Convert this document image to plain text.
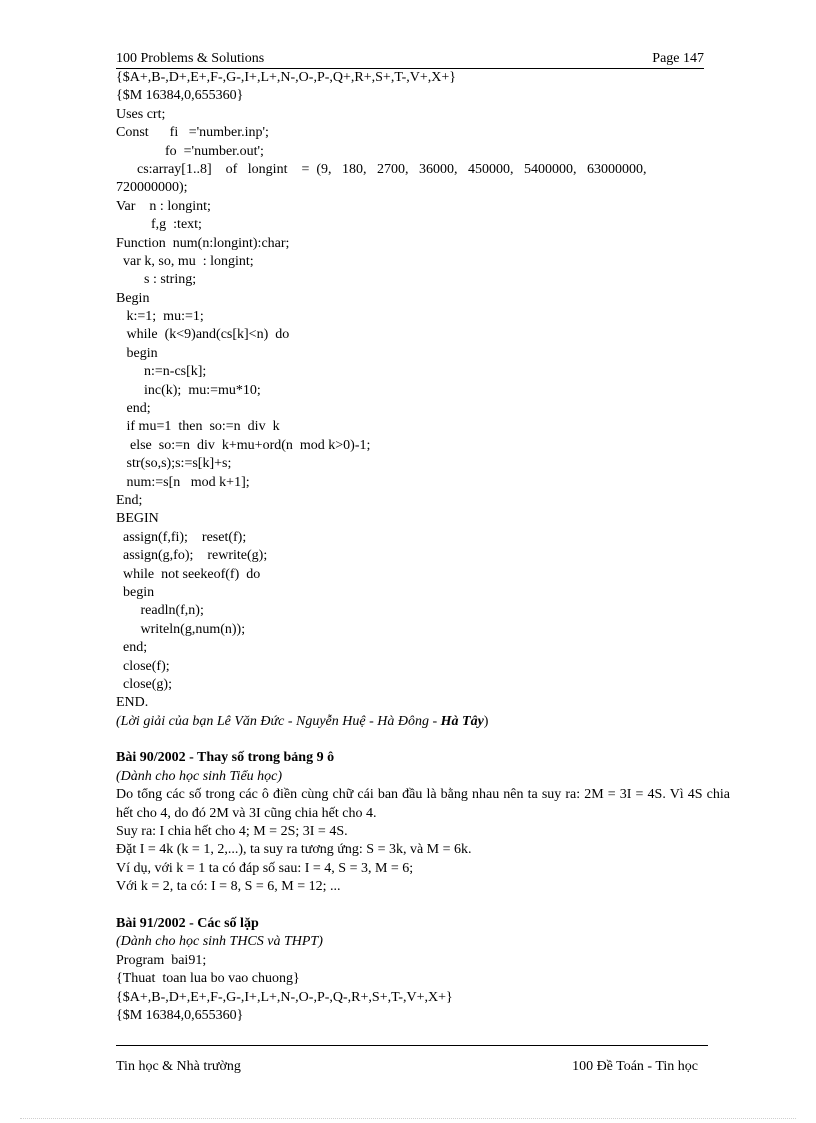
100 Problems & Solutions	Page 147
{$A+,B-,D+,E+,F-,G-,I+,L+,N-,O-,P-,Q+,R+,S+,T-,V+,X+}
{$M 16384,0,655360}
Uses crt;
Const      fi   ='number.inp';
fo  ='number.out';
cs:array[1..8]    of   longint    =  (9,   180,   2700,   36000,   450000,   5400000,   63000000,
720000000);
Var    n : longint;
f,g  :text;
Function  num(n:longint):char;
var k, so, mu  : longint;
s : string;
Begin
k:=1;  mu:=1;
while  (k<9)and(cs[k]<n)  do
begin
n:=n-cs[k];
inc(k);  mu:=mu*10;
end;
if mu=1  then  so:=n  div  k
else  so:=n  div  k+mu+ord(n  mod k>0)-1;
str(so,s);s:=s[k]+s;
num:=s[n   mod k+1];
End;
BEGIN
assign(f,fi);    reset(f);
assign(g,fo);    rewrite(g);
while  not seekeof(f)  do
begin
readln(f,n);
writeln(g,num(n));
end;
close(f);
close(g);
END.
(Lời giải của bạn Lê Văn Đức - Nguyễn Huệ - Hà Đông - Hà Tây)
Bài 90/2002 - Thay số trong bảng 9 ô
(Dành cho học sinh Tiểu học)
Do tổng các số trong các ô điền cùng chữ cái ban đầu là bằng nhau nên ta suy ra: 2M = 3I = 4S. Vì 4S chia hết cho 4, do đó 2M và 3I cũng chia hết cho 4.
Suy ra: I chia hết cho 4; M = 2S; 3I = 4S.
Đặt I = 4k (k = 1, 2,...), ta suy ra tương ứng: S = 3k, và M = 6k.
Ví dụ, với k = 1 ta có đáp số sau: I = 4, S = 3, M = 6;
Với k = 2, ta có: I = 8, S = 6, M = 12; ...
Bài 91/2002 - Các số lặp
(Dành cho học sinh THCS và THPT)
Program  bai91;
{Thuat  toan lua bo vao chuong}
{$A+,B-,D+,E+,F-,G-,I+,L+,N-,O-,P-,Q-,R+,S+,T-,V+,X+}
{$M 16384,0,655360}
Tin học & Nhà trường	100 Đề Toán - Tin học
